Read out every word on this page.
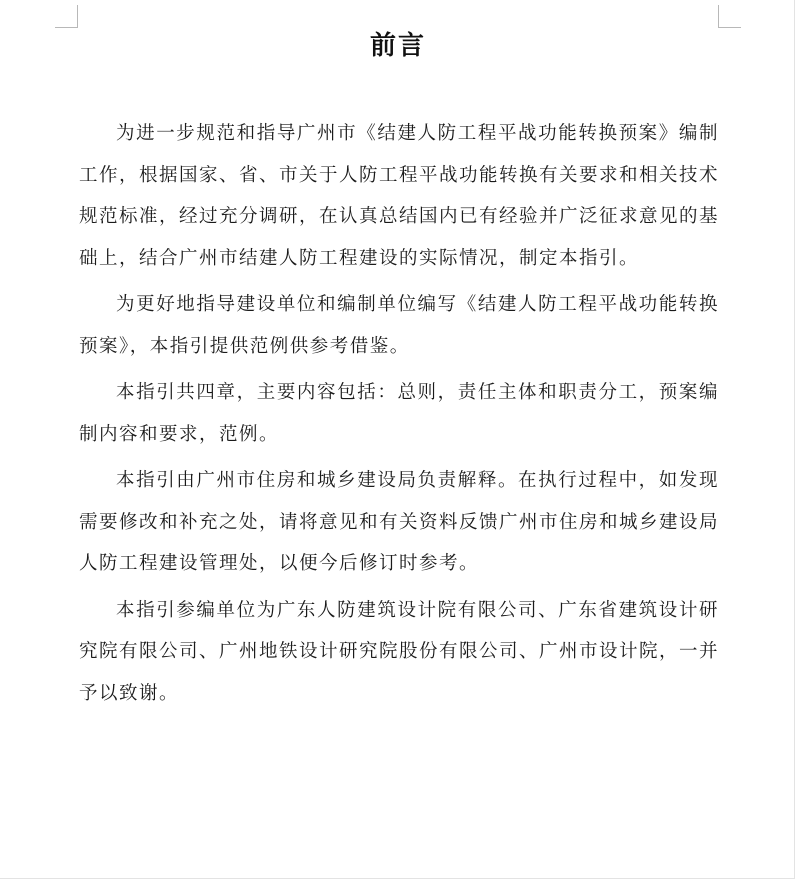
前言

为进一步规范和指导广州市《结建人防工程平战功能转换预案》编制工作，根据国家、省、市关于人防工程平战功能转换有关要求和相关技术规范标准，经过充分调研，在认真总结国内已有经验并广泛征求意见的基础上，结合广州市结建人防工程建设的实际情况，制定本指引。

为更好地指导建设单位和编制单位编写《结建人防工程平战功能转换预案》，本指引提供范例供参考借鉴。

本指引共四章，主要内容包括：总则，责任主体和职责分工，预案编制内容和要求，范例。

本指引由广州市住房和城乡建设局负责解释。在执行过程中，如发现需要修改和补充之处，请将意见和有关资料反馈广州市住房和城乡建设局人防工程建设管理处，以便今后修订时参考。

本指引参编单位为广东人防建筑设计院有限公司、广东省建筑设计研究院有限公司、广州地铁设计研究院股份有限公司、广州市设计院，一并予以致谢。
